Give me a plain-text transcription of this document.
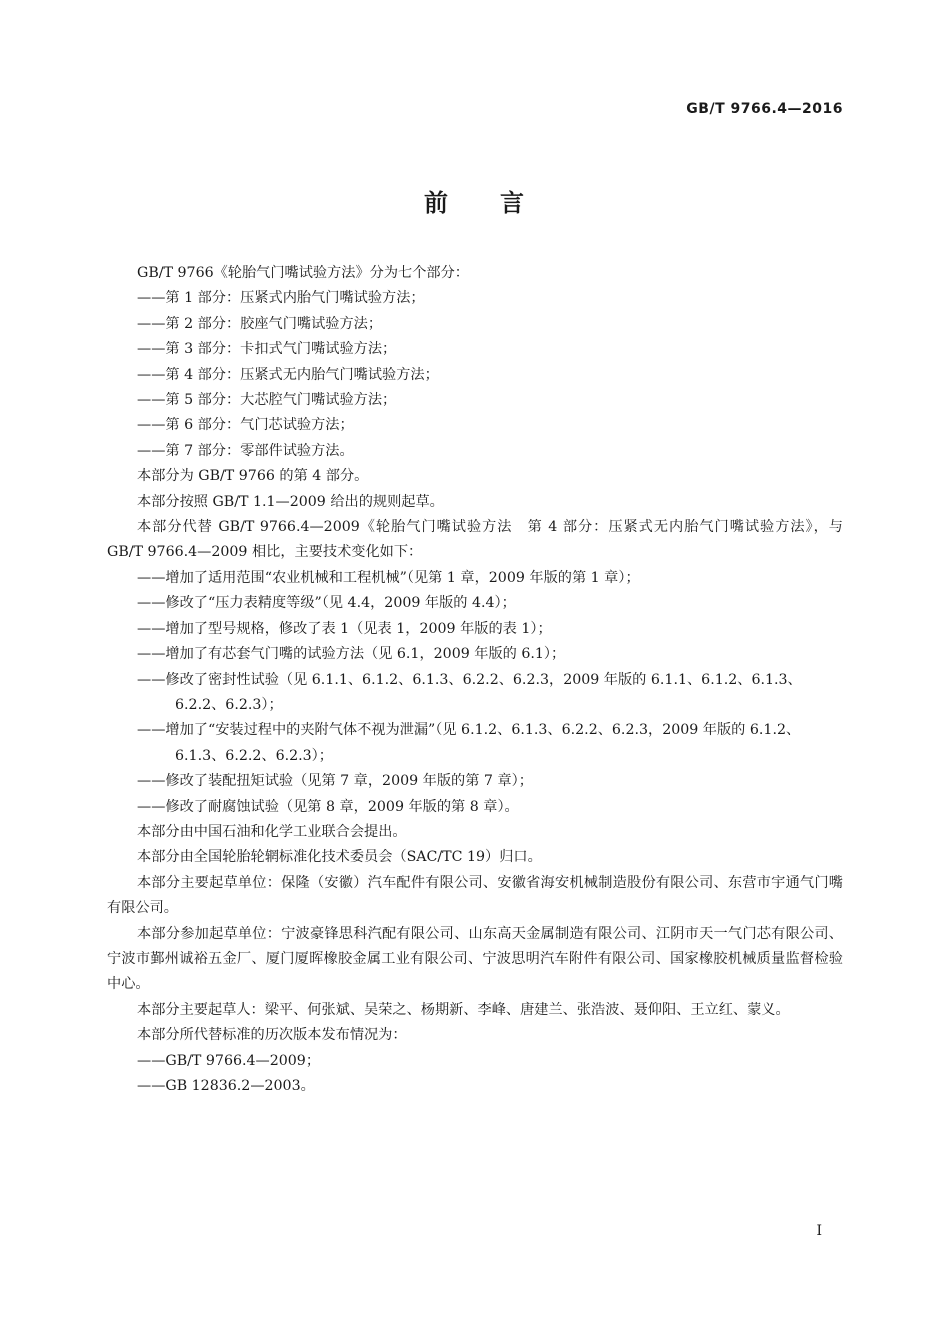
GB/T 9766.4—2016
前 言
GB/T 9766《轮胎气门嘴试验方法》分为七个部分：
——第 1 部分：压紧式内胎气门嘴试验方法；
——第 2 部分：胶座气门嘴试验方法；
——第 3 部分：卡扣式气门嘴试验方法；
——第 4 部分：压紧式无内胎气门嘴试验方法；
——第 5 部分：大芯腔气门嘴试验方法；
——第 6 部分：气门芯试验方法；
——第 7 部分：零部件试验方法。
本部分为 GB/T 9766 的第 4 部分。
本部分按照 GB/T 1.1—2009 给出的规则起草。
本部分代替 GB/T 9766.4—2009《轮胎气门嘴试验方法　第 4 部分：压紧式无内胎气门嘴试验方法》，与 GB/T 9766.4—2009 相比，主要技术变化如下：
——增加了适用范围“农业机械和工程机械”（见第 1 章，2009 年版的第 1 章）；
——修改了“压力表精度等级”（见 4.4，2009 年版的 4.4）；
——增加了型号规格，修改了表 1（见表 1，2009 年版的表 1）；
——增加了有芯套气门嘴的试验方法（见 6.1，2009 年版的 6.1）；
——修改了密封性试验（见 6.1.1、6.1.2、6.1.3、6.2.2、6.2.3，2009 年版的 6.1.1、6.1.2、6.1.3、6.2.2、6.2.3）；
——增加了“安装过程中的夹附气体不视为泄漏”（见 6.1.2、6.1.3、6.2.2、6.2.3，2009 年版的 6.1.2、6.1.3、6.2.2、6.2.3）；
——修改了装配扭矩试验（见第 7 章，2009 年版的第 7 章）；
——修改了耐腐蚀试验（见第 8 章，2009 年版的第 8 章）。
本部分由中国石油和化学工业联合会提出。
本部分由全国轮胎轮辋标准化技术委员会（SAC/TC 19）归口。
本部分主要起草单位：保隆（安徽）汽车配件有限公司、安徽省海安机械制造股份有限公司、东营市宇通气门嘴有限公司。
本部分参加起草单位：宁波豪锋思科汽配有限公司、山东高天金属制造有限公司、江阴市天一气门芯有限公司、宁波市鄞州诚裕五金厂、厦门厦晖橡胶金属工业有限公司、宁波思明汽车附件有限公司、国家橡胶机械质量监督检验中心。
本部分主要起草人：梁平、何张斌、吴荣之、杨期新、李峰、唐建兰、张浩波、聂仰阳、王立红、蒙义。
本部分所代替标准的历次版本发布情况为：
——GB/T 9766.4—2009；
——GB 12836.2—2003。
I
